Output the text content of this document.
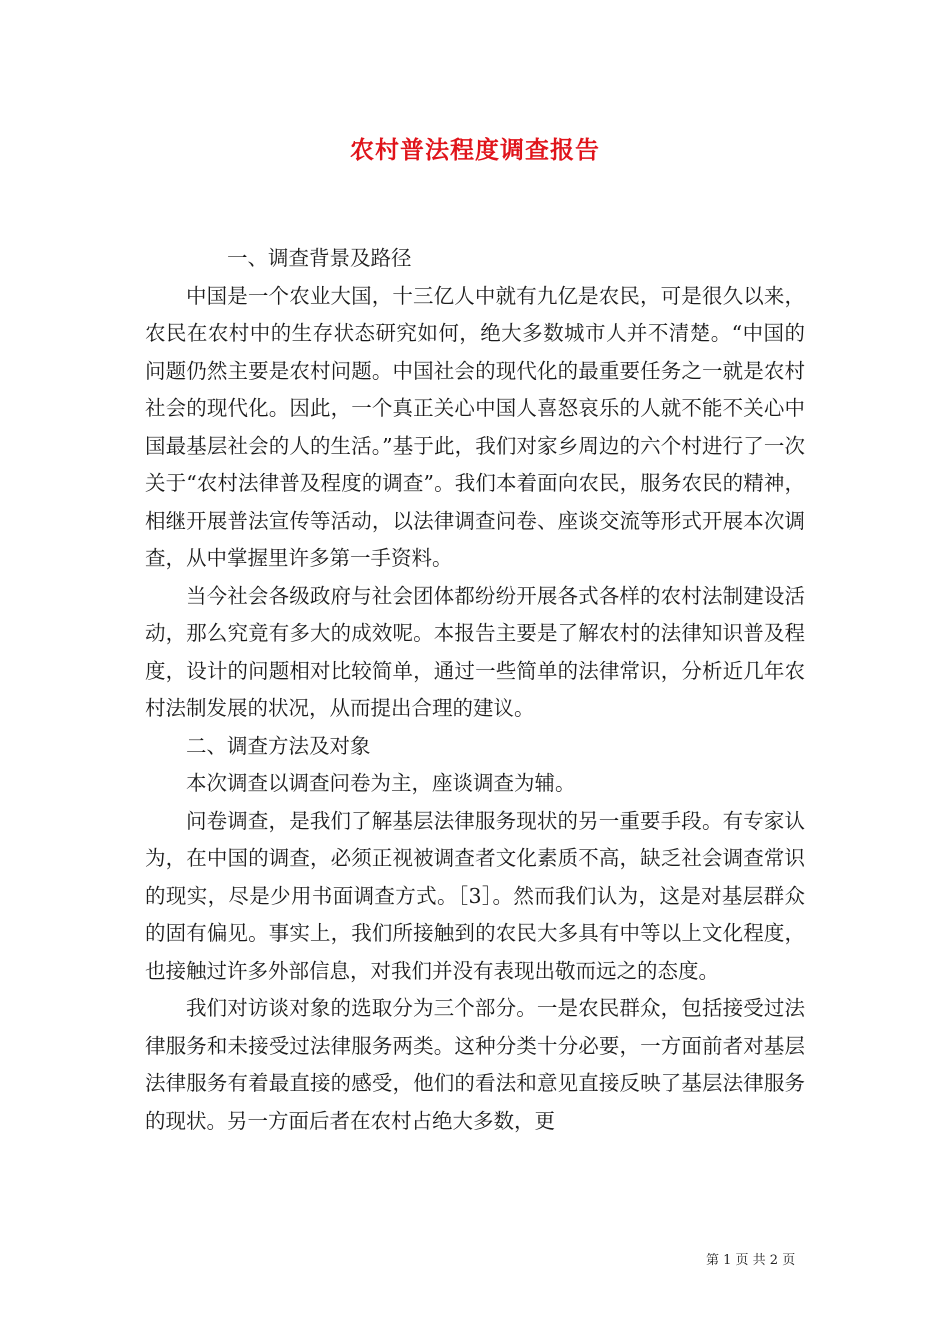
农村普法程度调查报告

一、调查背景及路径

中国是一个农业大国，十三亿人中就有九亿是农民，可是很久以来，农民在农村中的生存状态研究如何，绝大多数城市人并不清楚。“中国的问题仍然主要是农村问题。中国社会的现代化的最重要任务之一就是农村社会的现代化。因此，一个真正关心中国人喜怒哀乐的人就不能不关心中国最基层社会的人的生活。”基于此，我们对家乡周边的六个村进行了一次关于“农村法律普及程度的调查”。我们本着面向农民，服务农民的精神，相继开展普法宣传等活动，以法律调查问卷、座谈交流等形式开展本次调查，从中掌握里许多第一手资料。

当今社会各级政府与社会团体都纷纷开展各式各样的农村法制建设活动，那么究竟有多大的成效呢。本报告主要是了解农村的法律知识普及程度，设计的问题相对比较简单，通过一些简单的法律常识，分析近几年农村法制发展的状况，从而提出合理的建议。

二、调查方法及对象

本次调查以调查问卷为主，座谈调查为辅。

问卷调查，是我们了解基层法律服务现状的另一重要手段。有专家认为，在中国的调查，必须正视被调查者文化素质不高，缺乏社会调查常识的现实，尽是少用书面调查方式。［3］。然而我们认为，这是对基层群众的固有偏见。事实上，我们所接触到的农民大多具有中等以上文化程度，也接触过许多外部信息，对我们并没有表现出敬而远之的态度。

我们对访谈对象的选取分为三个部分。一是农民群众，包括接受过法律服务和未接受过法律服务两类。这种分类十分必要，一方面前者对基层法律服务有着最直接的感受，他们的看法和意见直接反映了基层法律服务的现状。另一方面后者在农村占绝大多数，更

第 1 页 共 2 页
